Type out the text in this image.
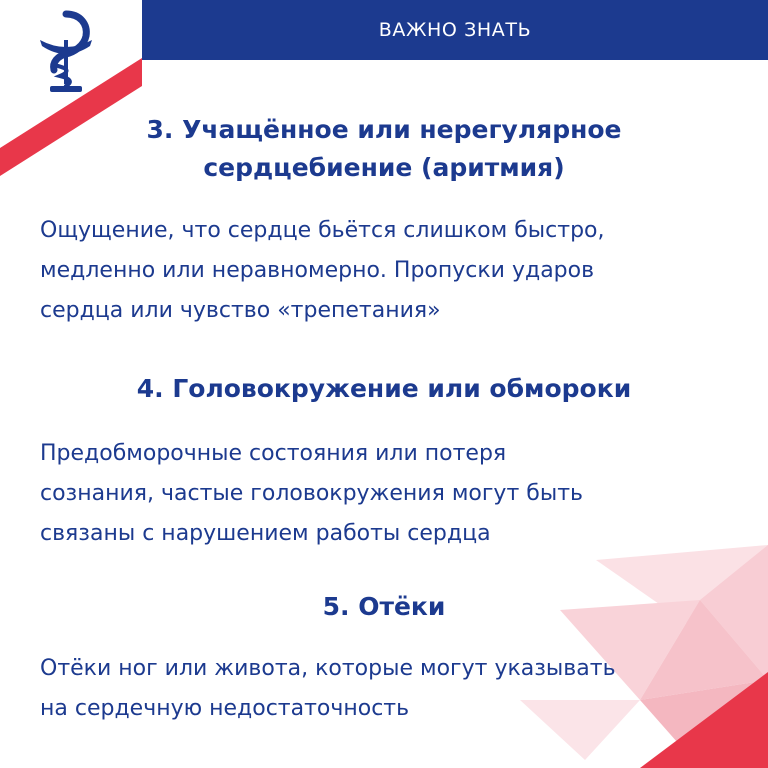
ВАЖНО ЗНАТЬ
3. Учащённое или нерегулярное
сердцебиение (аритмия)

Ощущение, что сердце бьётся слишком быстро,
медленно или неравномерно. Пропуски ударов
сердца или чувство «трепетания»

4. Головокружение или обмороки

Предобморочные состояния или потеря
сознания, частые головокружения могут быть
связаны с нарушением работы сердца

5. Отёки

Отёки ног или живота, которые могут указывать
на сердечную недостаточность
